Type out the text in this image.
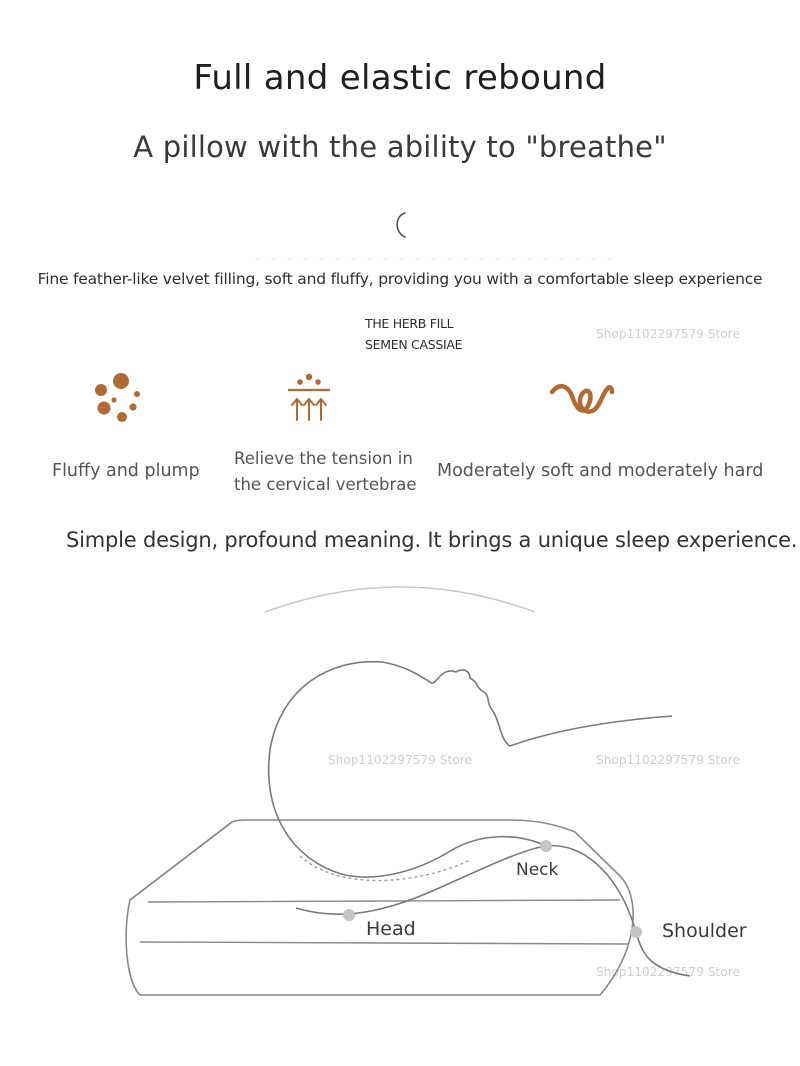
Full and elastic rebound
A pillow with the ability to "breathe"
Fine feather-like velvet filling, soft and fluffy, providing you with a comfortable sleep experience
THE HERB FILL
SEMEN CASSIAE
Shop1102297579 Store
Shop1102297579 Store	Shop1102297579 Store
Shop1102297579 Store
Fluffy and plump
Relieve the tension in
the cervical vertebrae
Moderately soft and moderately hard
Simple design, profound meaning. It brings a unique sleep experience.
Head
Neck
Shoulder
